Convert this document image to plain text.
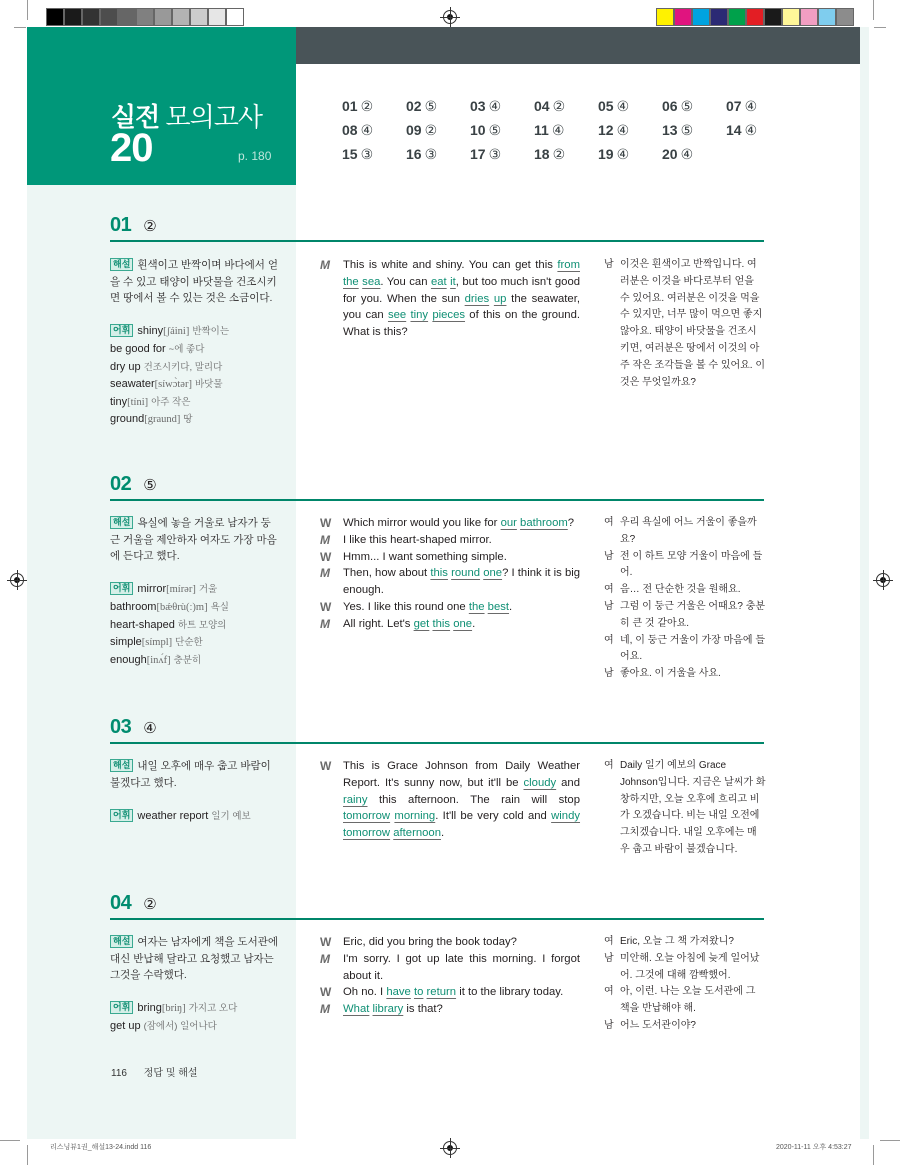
실전 모의고사
20	p. 180
01 ②	02 ⑤	03 ④	04 ②	05 ④	06 ⑤	07 ④
08 ④	09 ②	10 ⑤	11 ④	12 ④	13 ⑤	14 ④
15 ③	16 ③	17 ③	18 ②	19 ④	20 ④
01 ②
해설 흰색이고 반짝이며 바다에서 얻을 수 있고 태양이 바닷물을 건조시키면 땅에서 볼 수 있는 것은 소금이다.
어휘 shiny[ʃáini] 반짝이는
be good for ~에 좋다
dry up 건조시키다, 말리다
seawater[síwɔ̀tər] 바닷물
tiny[tíni] 아주 작은
ground[graund] 땅
M	This is white and shiny. You can get this from the sea. You can eat it, but too much isn't good for you. When the sun dries up the seawater, you can see tiny pieces of this on the ground. What is this?
남 이것은 흰색이고 반짝입니다. 여러분은 이것을 바다로부터 얻을 수 있어요. 여러분은 이것을 먹을 수 있지만, 너무 많이 먹으면 좋지 않아요. 태양이 바닷물을 건조시키면, 여러분은 땅에서 이것의 아주 작은 조각들을 볼 수 있어요. 이것은 무엇일까요?
02 ⑤
해설 욕실에 놓을 거울로 남자가 둥근 거울을 제안하자 여자도 가장 마음에 든다고 했다.
어휘 mirror[mírər] 거울
bathroom[bǽθrù(ː)m] 욕실
heart-shaped 하트 모양의
simple[símpl] 단순한
enough[inʌ́f] 충분히
W	Which mirror would you like for our bathroom?
M	I like this heart-shaped mirror.
W	Hmm... I want something simple.
M	Then, how about this round one? I think it is big enough.
W	Yes. I like this round one the best.
M	All right. Let's get this one.
여 우리 욕실에 어느 거울이 좋을까요?
남 전 이 하트 모양 거울이 마음에 들어.
여 음… 전 단순한 것을 원해요.
남 그럼 이 둥근 거울은 어때요? 충분히 큰 것 같아요.
여 네, 이 둥근 거울이 가장 마음에 들어요.
남 좋아요. 이 거울을 사요.
03 ④
해설 내일 오후에 매우 춥고 바람이 불겠다고 했다.
어휘 weather report 일기 예보
W	This is Grace Johnson from Daily Weather Report. It's sunny now, but it'll be cloudy and rainy this afternoon. The rain will stop tomorrow morning. It'll be very cold and windy tomorrow afternoon.
여 Daily 일기 예보의 Grace Johnson입니다. 지금은 날씨가 화창하지만, 오늘 오후에 흐리고 비가 오겠습니다. 비는 내일 오전에 그치겠습니다. 내일 오후에는 매우 춥고 바람이 불겠습니다.
04 ②
해설 여자는 남자에게 책을 도서관에 대신 반납해 달라고 요청했고 남자는 그것을 수락했다.
어휘 bring[briŋ] 가지고 오다
get up (잠에서) 일어나다
W	Eric, did you bring the book today?
M	I'm sorry. I got up late this morning. I forgot about it.
W	Oh no. I have to return it to the library today.
M	What library is that?
여 Eric, 오늘 그 책 가져왔니?
남 미안해. 오늘 아침에 늦게 일어났어. 그것에 대해 깜빡했어.
여 아, 이런. 나는 오늘 도서관에 그 책을 반납해야 해.
남 어느 도서관이야?
116 정답 및 해설
리스닝뷰1권_해설13-24.indd 116	2020-11-11 오후 4:53:27
